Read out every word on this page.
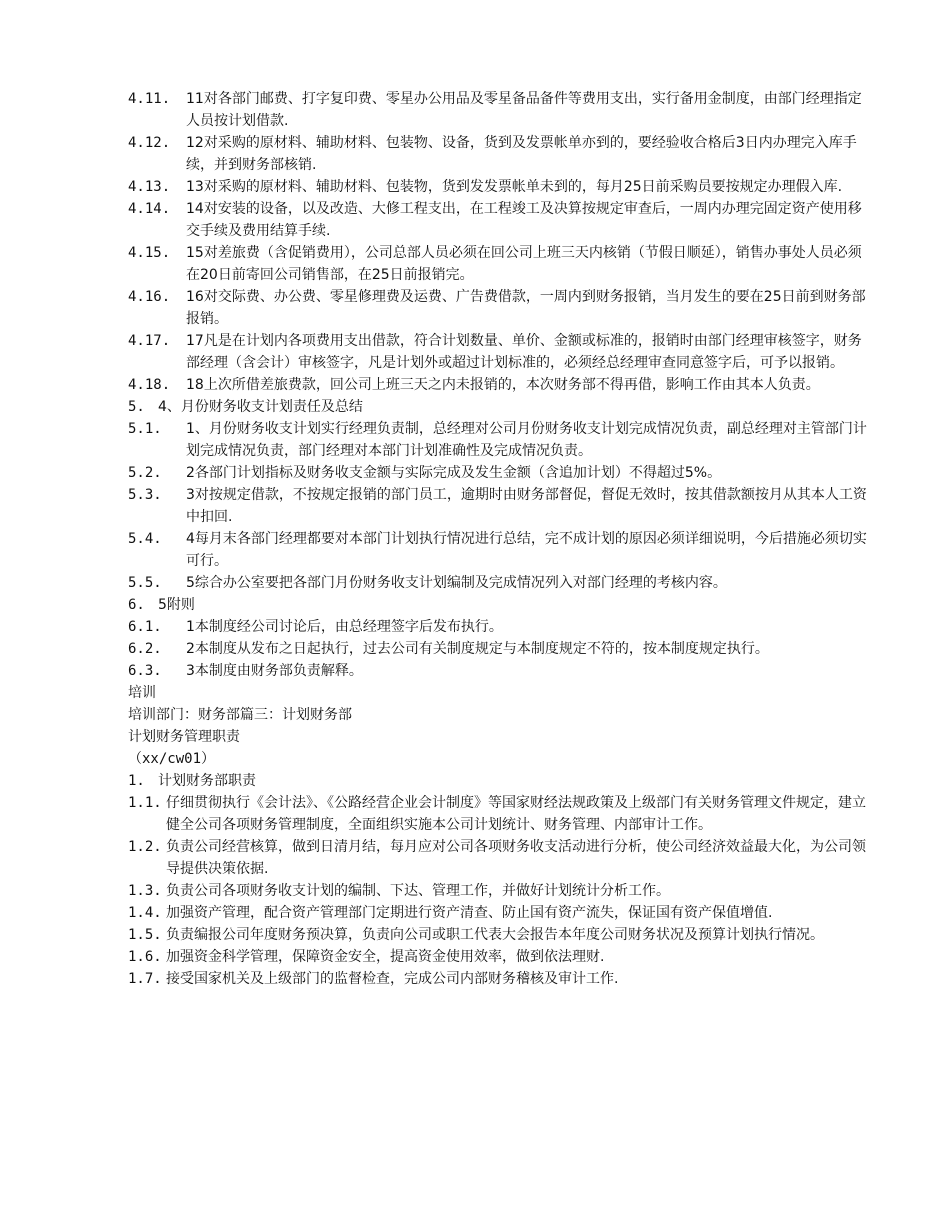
4.11.	11对各部门邮费、打字复印费、零星办公用品及零星备品备件等费用支出，实行备用金制度，由部门经理指定人员按计划借款.
4.12.	12对采购的原材料、辅助材料、包装物、设备，货到及发票帐单亦到的，要经验收合格后3日内办理完入库手续，并到财务部核销.
4.13.	13对采购的原材料、辅助材料、包装物，货到发发票帐单未到的，每月25日前采购员要按规定办理假入库.
4.14.	14对安装的设备，以及改造、大修工程支出，在工程竣工及决算按规定审查后，一周内办理完固定资产使用移交手续及费用结算手续.
4.15.	15对差旅费（含促销费用），公司总部人员必须在回公司上班三天内核销（节假日顺延），销售办事处人员必须在20日前寄回公司销售部，在25日前报销完。
4.16.	16对交际费、办公费、零星修理费及运费、广告费借款，一周内到财务报销，当月发生的要在25日前到财务部报销。
4.17.	17凡是在计划内各项费用支出借款，符合计划数量、单价、金额或标准的，报销时由部门经理审核签字，财务部经理（含会计）审核签字，凡是计划外或超过计划标准的，必须经总经理审查同意签字后，可予以报销。
4.18.	18上次所借差旅费款，回公司上班三天之内未报销的，本次财务部不得再借，影响工作由其本人负责。
5. 4、月份财务收支计划责任及总结
5.1.	1、月份财务收支计划实行经理负责制，总经理对公司月份财务收支计划完成情况负责，副总经理对主管部门计划完成情况负责，部门经理对本部门计划准确性及完成情况负责。
5.2.	2各部门计划指标及财务收支金额与实际完成及发生金额（含追加计划）不得超过5%。
5.3.	3对按规定借款，不按规定报销的部门员工，逾期时由财务部督促，督促无效时，按其借款额按月从其本人工资中扣回.
5.4.	4每月末各部门经理都要对本部门计划执行情况进行总结，完不成计划的原因必须详细说明，今后措施必须切实可行。
5.5.	5综合办公室要把各部门月份财务收支计划编制及完成情况列入对部门经理的考核内容。
6. 5附则
6.1.	1本制度经公司讨论后，由总经理签字后发布执行。
6.2.	2本制度从发布之日起执行，过去公司有关制度规定与本制度规定不符的，按本制度规定执行。
6.3.	3本制度由财务部负责解释。
培训
培训部门：财务部篇三：计划财务部
计划财务管理职责
（xx/cw01）
1. 计划财务部职责
1.1. 仔细贯彻执行《会计法》、《公路经营企业会计制度》等国家财经法规政策及上级部门有关财务管理文件规定，建立健全公司各项财务管理制度，全面组织实施本公司计划统计、财务管理、内部审计工作。
1.2. 负责公司经营核算，做到日清月结，每月应对公司各项财务收支活动进行分析，使公司经济效益最大化，为公司领导提供决策依据.
1.3. 负责公司各项财务收支计划的编制、下达、管理工作，并做好计划统计分析工作。
1.4. 加强资产管理，配合资产管理部门定期进行资产清查、防止国有资产流失，保证国有资产保值增值.
1.5. 负责编报公司年度财务预决算，负责向公司或职工代表大会报告本年度公司财务状况及预算计划执行情况。
1.6. 加强资金科学管理，保障资金安全，提高资金使用效率，做到依法理财.
1.7. 接受国家机关及上级部门的监督检查，完成公司内部财务稽核及审计工作.
